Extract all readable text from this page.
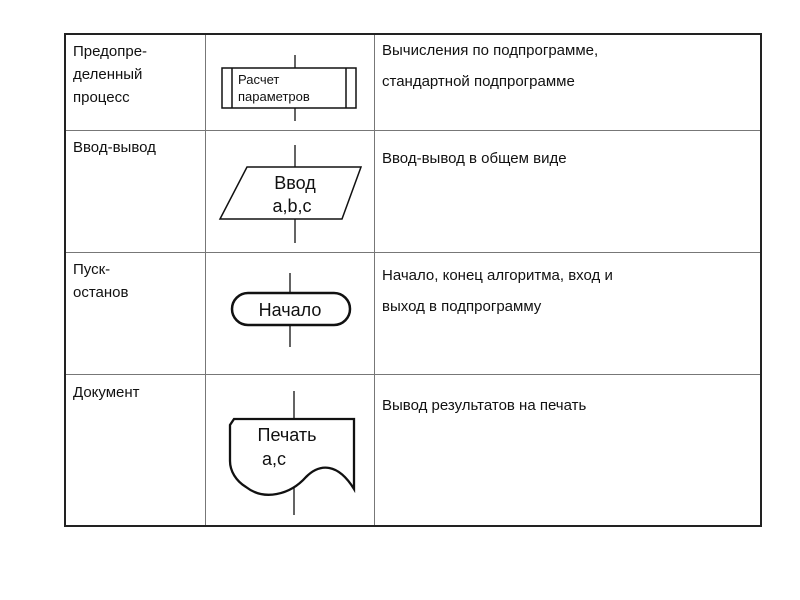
Предопре-
деленный
процесс
Расчет
параметров
Вычисления по подпрограмме,
стандартной подпрограмме
Ввод-вывод
Ввод
a,b,c
Ввод-вывод в общем виде
Пуск-
останов
Начало
Начало, конец алгоритма, вход и
выход в подпрограмму
Документ
Печать
a,c
Вывод результатов на печать
